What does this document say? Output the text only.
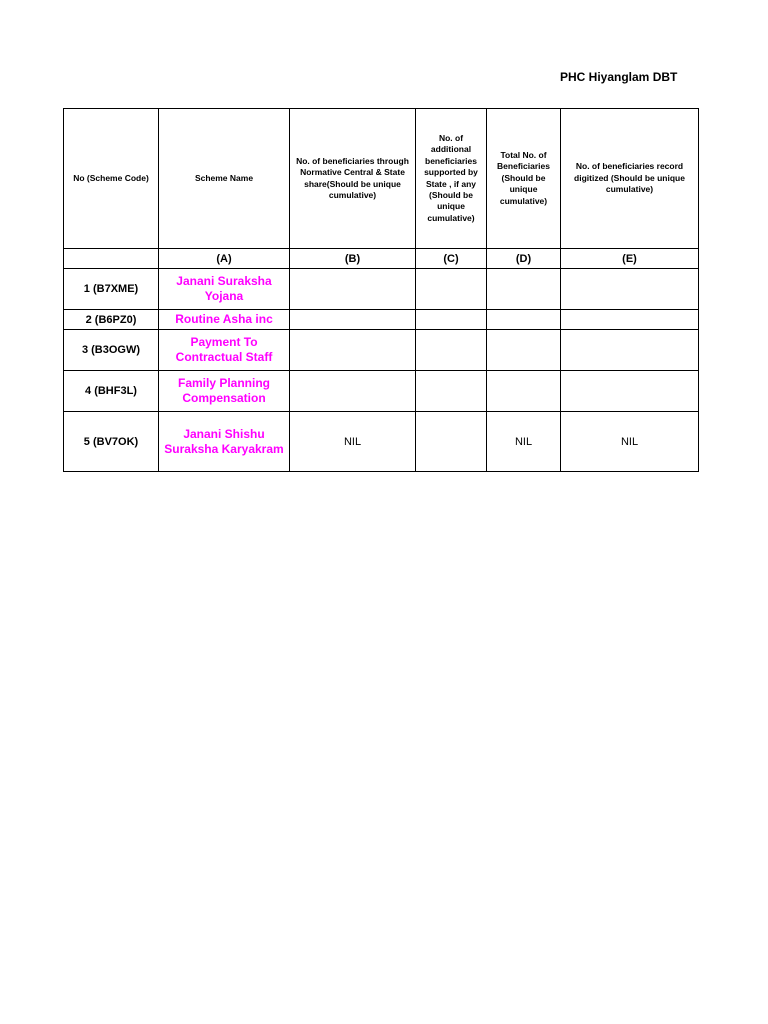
PHC Hiyanglam DBT
No (Scheme Code)	Scheme Name	No. of beneficiaries through Normative Central & State share(Should be unique cumulative)	No. of additional beneficiaries supported by State , if any (Should be unique cumulative)	Total No. of Beneficiaries (Should be unique cumulative)	No. of beneficiaries record digitized (Should be unique cumulative)
	(A)	(B)	(C)	(D)	(E)
1 (B7XME)	Janani Suraksha Yojana				
2 (B6PZ0)	Routine Asha inc				
3 (B3OGW)	Payment To Contractual Staff				
4 (BHF3L)	Family Planning Compensation				
5 (BV7OK)	Janani Shishu Suraksha Karyakram	NIL		NIL	NIL
